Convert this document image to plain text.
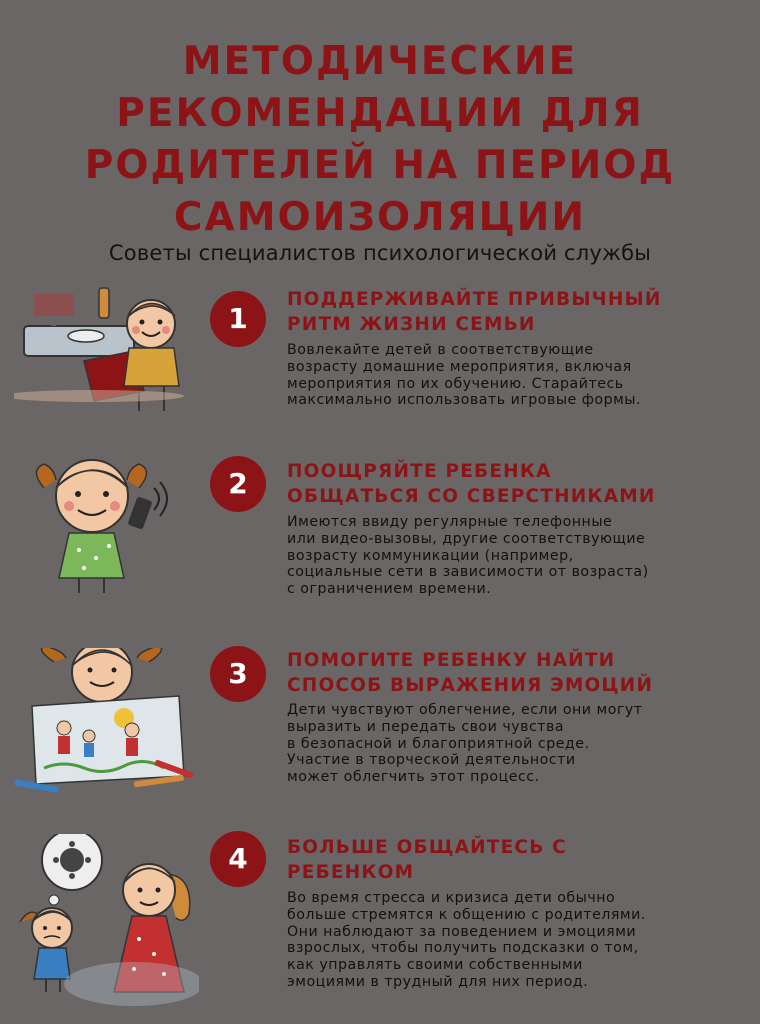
МЕТОДИЧЕСКИЕ
РЕКОМЕНДАЦИИ ДЛЯ
РОДИТЕЛЕЙ НА ПЕРИОД
САМОИЗОЛЯЦИИ
Советы специалистов психологической службы
1
ПОДДЕРЖИВАЙТЕ ПРИВЫЧНЫЙ
РИТМ ЖИЗНИ СЕМЬИ
Вовлекайте детей в соответствующие
возрасту домашние мероприятия, включая
мероприятия по их обучению. Старайтесь
максимально использовать игровые формы.
2	ПООЩРЯЙТЕ РЕБЕНКА
ОБЩАТЬСЯ СО СВЕРСТНИКАМИ
Имеются ввиду регулярные телефонные
или видео-вызовы, другие соответствующие
возрасту коммуникации (например,
социальные сети в зависимости от возраста)
с ограничением времени.
3	ПОМОГИТЕ РЕБЕНКУ НАЙТИ
СПОСОБ ВЫРАЖЕНИЯ ЭМОЦИЙ
Дети чувствуют облегчение, если они могут
выразить и передать свои чувства
в безопасной и благоприятной среде.
Участие в творческой деятельности
может облегчить этот процесс.
4	БОЛЬШЕ ОБЩАЙТЕСЬ С
РЕБЕНКОМ
Во время стресса и кризиса дети обычно
больше стремятся к общению с родителями.
Они наблюдают за поведением и эмоциями
взрослых, чтобы получить подсказки о том,
как управлять своими собственными
эмоциями в трудный для них период.
